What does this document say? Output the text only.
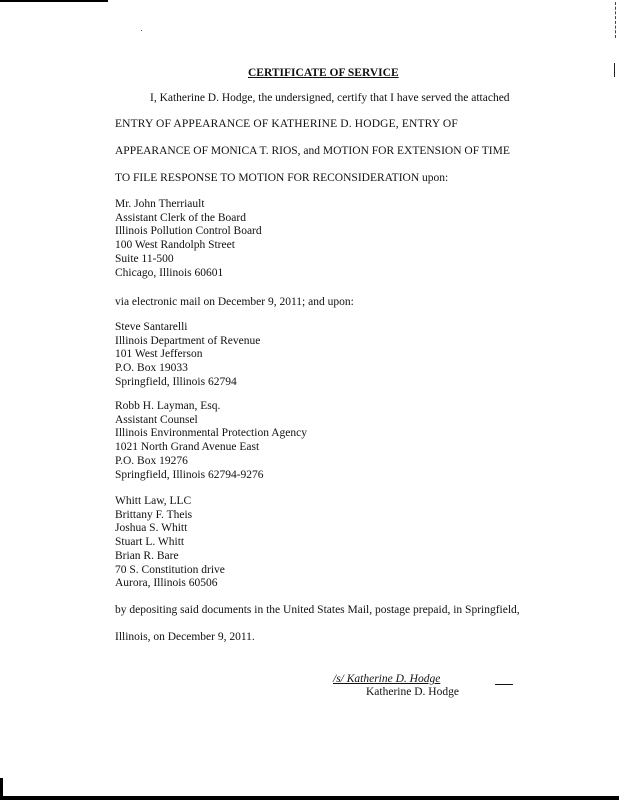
CERTIFICATE OF SERVICE
I, Katherine D. Hodge, the undersigned, certify that I have served the attached
ENTRY OF APPEARANCE OF KATHERINE D. HODGE, ENTRY OF
APPEARANCE OF MONICA T. RIOS, and MOTION FOR EXTENSION OF TIME
TO FILE RESPONSE TO MOTION FOR RECONSIDERATION upon:
Mr. John Therriault
Assistant Clerk of the Board
Illinois Pollution Control Board
100 West Randolph Street
Suite 11-500
Chicago, Illinois 60601
via electronic mail on December 9, 2011; and upon:
Steve Santarelli
Illinois Department of Revenue
101 West Jefferson
P.O. Box 19033
Springfield, Illinois 62794
Robb H. Layman, Esq.
Assistant Counsel
Illinois Environmental Protection Agency
1021 North Grand Avenue East
P.O. Box 19276
Springfield, Illinois 62794-9276
Whitt Law, LLC
Brittany F. Theis
Joshua S. Whitt
Stuart L. Whitt
Brian R. Bare
70 S. Constitution drive
Aurora, Illinois 60506
by depositing said documents in the United States Mail, postage prepaid, in Springfield,
Illinois, on December 9, 2011.
/s/ Katherine D. Hodge
Katherine D. Hodge
